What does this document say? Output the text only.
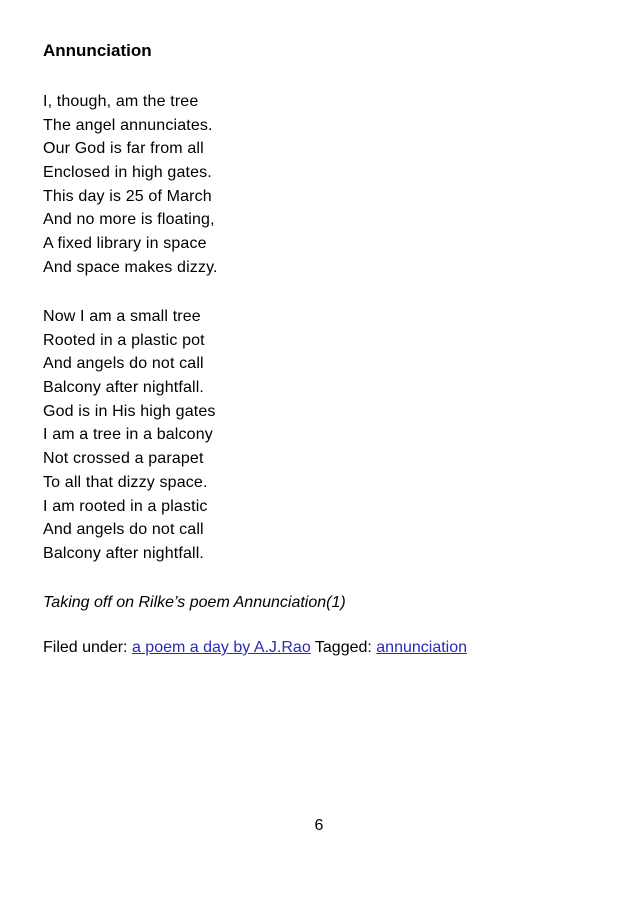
Annunciation
I, though, am the tree
The angel annunciates.
Our God is far from all
Enclosed in high gates.
This day is 25 of March
And no more is floating,
A fixed library in space
And space makes dizzy.
Now I am a small tree
Rooted in a plastic pot
And angels do not call
Balcony after nightfall.
God is in His high gates
I am a tree in a balcony
Not crossed a parapet
To all that dizzy space.
I am rooted in a plastic
And angels do not call
Balcony after nightfall.

Taking off on Rilke’s poem Annunciation(1)

Filed under: a poem a day by A.J.Rao Tagged: annunciation

6
